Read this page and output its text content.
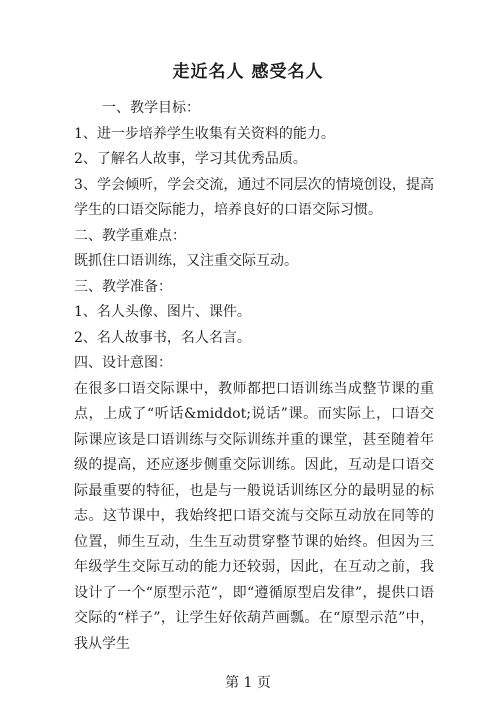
走近名人 感受名人

一、教学目标：

1、进一步培养学生收集有关资料的能力。

2、了解名人故事，学习其优秀品质。

3、学会倾听，学会交流，通过不同层次的情境创设，提高学生的口语交际能力，培养良好的口语交际习惯。

二、教学重难点：

既抓住口语训练，又注重交际互动。

三、教学准备：

1、名人头像、图片、课件。

2、名人故事书，名人名言。

四、设计意图：

在很多口语交际课中，教师都把口语训练当成整节课的重点，上成了“听话&middot;说话”课。而实际上，口语交际课应该是口语训练与交际训练并重的课堂，甚至随着年级的提高，还应逐步侧重交际训练。因此，互动是口语交际最重要的特征，也是与一般说话训练区分的最明显的标志。这节课中，我始终把口语交流与交际互动放在同等的位置，师生互动，生生互动贯穿整节课的始终。但因为三年级学生交际互动的能力还较弱，因此，在互动之前，我设计了一个“原型示范”，即“遵循原型启发律”，提供口语交际的“样子”，让学生好依葫芦画瓢。在“原型示范”中，我从学生

第 1 页
